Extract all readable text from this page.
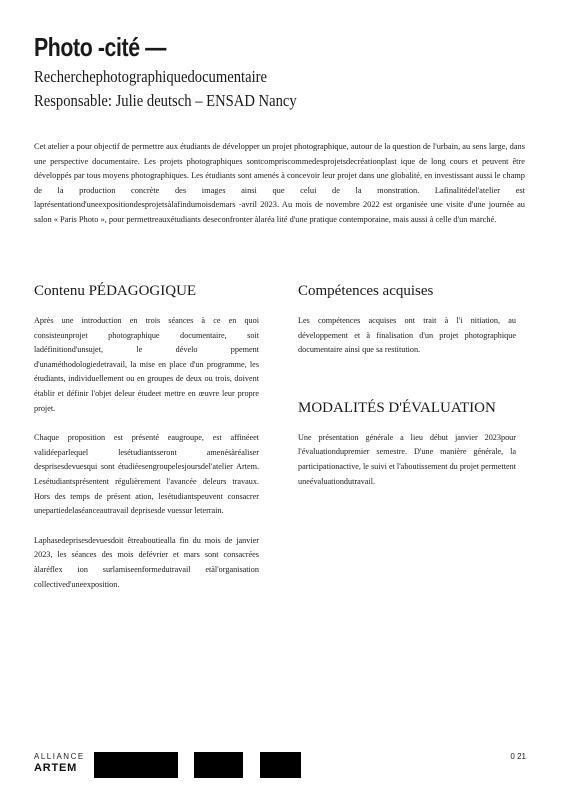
Photo -cité —
Recherchephotographiquedocumentaire
Responsable: Julie deutsch – ENSAD Nancy

Cet atelier a pour objectif de permettre aux étudiants de développer un projet photographique, autour de la question de l'urbain, au sens large, dans une perspective documentaire. Les projets photographiques sontcompriscommedesprojetsdecréationplast ique de long cours et peuvent être développés par tous moyens photographiques. Les étudiants sont amenés à concevoir leur projet dans une globalité, en investissant aussi le champ de la production concrète des images ainsi que celui de la monstration. Lafinalitédel'atelier est laprésentationd'uneexpositiondesprojetsàlafindumoisdemars -avril 2023. Au mois de novembre 2022 est organisée une visite d'une journée au salon « Paris Photo », pour permettreauxétudiants deseconfronter àlaréa lité d'une pratique contemporaine, mais aussi à celle d'un marché.

Contenu PÉDAGOGIQUE

Après une introduction en trois séances à ce en quoi consisteunprojet photographique documentaire, soit ladéfinitiond'unsujet, le dévelo ppement d'unaméthodologiedetravail, la mise en place d'un programme, les étudiants, individuellement ou en groupes de deux ou trois, doivent établir et définir l'objet deleur étudeet mettre en œuvre leur propre projet.

Chaque proposition est présenté eaugroupe, est affinéeet validéeparlequel lesétudiantsseront amenésàréaliser desprisesdevuesqui sont étudiéesengroupelesjoursdel'atelier Artem. Lesétudiantsprésentent régulièrement l'avancée deleurs travaux. Hors des temps de présent ation, lesétudiantspeuvent consacrer unepartiedelaséanceautravail deprisesde vuessur leterrain.

Laphasedeprisesdevuesdoit êtreaboutiealla fin du mois de janvier 2023, les séances des mois defévrier et mars sont consacrées àlaréflex ion surlamiseenformedutravail etàl'organisation collectived'uneexposition.

Compétences acquises

Les compétences acquises ont trait à l'i nitiation, au développement et à finalisation d'un projet photographique documentaire ainsi que sa restitution.

MODALITÉS D'ÉVALUATION

Une présentation générale a lieu début janvier 2023pour l'évaluationdupremier semestre. D'une manière générale, la participationactive, le suivi et l'aboutissement du projet permettent uneévaluationdutravail.

ALLIANCE
ARTEM
0 21
